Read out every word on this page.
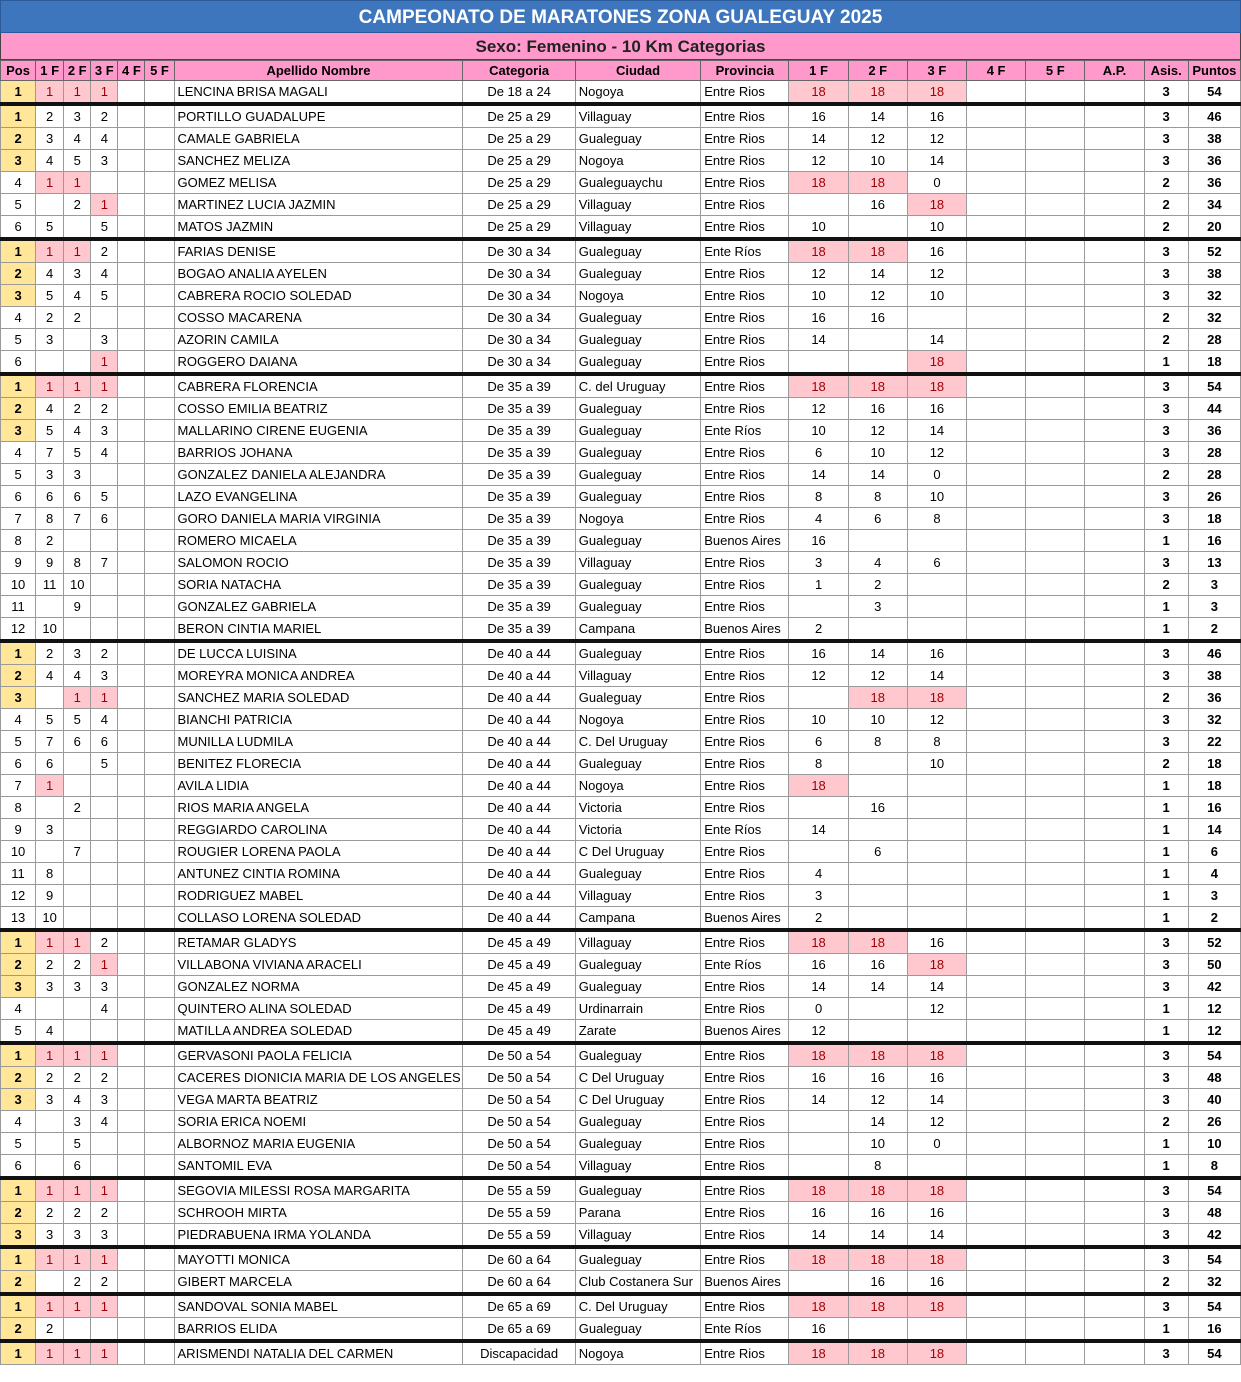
CAMPEONATO DE MARATONES ZONA GUALEGUAY 2025
Sexo: Femenino - 10 Km Categorias
Pos	1 F	2 F	3 F	4 F	5 F	Apellido Nombre	Categoria	Ciudad	Provincia	1 F	2 F	3 F	4 F	5 F	A.P.	Asis.	Puntos
1	1	1	1			LENCINA BRISA MAGALI	De 18 a 24	Nogoya	Entre Rios	18	18	18				3	54
1	2	3	2			PORTILLO GUADALUPE	De 25 a 29	Villaguay	Entre Rios	16	14	16				3	46
2	3	4	4			CAMALE GABRIELA	De 25 a 29	Gualeguay	Entre Rios	14	12	12				3	38
3	4	5	3			SANCHEZ MELIZA	De 25 a 29	Nogoya	Entre Rios	12	10	14				3	36
4	1	1				GOMEZ MELISA	De 25 a 29	Gualeguaychu	Entre Rios	18	18	0				2	36
5		2	1			MARTINEZ LUCIA JAZMIN	De 25 a 29	Villaguay	Entre Rios		16	18				2	34
6	5		5			MATOS JAZMIN	De 25 a 29	Villaguay	Entre Rios	10		10				2	20
1	1	1	2			FARIAS DENISE	De 30 a 34	Gualeguay	Ente Ríos	18	18	16				3	52
2	4	3	4			BOGAO ANALIA AYELEN	De 30 a 34	Gualeguay	Entre Rios	12	14	12				3	38
3	5	4	5			CABRERA ROCIO SOLEDAD	De 30 a 34	Nogoya	Entre Rios	10	12	10				3	32
4	2	2				COSSO MACARENA	De 30 a 34	Gualeguay	Entre Rios	16	16					2	32
5	3		3			AZORIN CAMILA	De 30 a 34	Gualeguay	Entre Rios	14		14				2	28
6			1			ROGGERO DAIANA	De 30 a 34	Gualeguay	Entre Rios			18				1	18
1	1	1	1			CABRERA FLORENCIA	De 35 a 39	C. del Uruguay	Entre Rios	18	18	18				3	54
2	4	2	2			COSSO EMILIA BEATRIZ	De 35 a 39	Gualeguay	Entre Rios	12	16	16				3	44
3	5	4	3			MALLARINO CIRENE EUGENIA	De 35 a 39	Gualeguay	Ente Ríos	10	12	14				3	36
4	7	5	4			BARRIOS JOHANA	De 35 a 39	Gualeguay	Entre Rios	6	10	12				3	28
5	3	3				GONZALEZ DANIELA ALEJANDRA	De 35 a 39	Gualeguay	Entre Rios	14	14	0				2	28
6	6	6	5			LAZO EVANGELINA	De 35 a 39	Gualeguay	Entre Rios	8	8	10				3	26
7	8	7	6			GORO DANIELA MARIA VIRGINIA	De 35 a 39	Nogoya	Entre Rios	4	6	8				3	18
8	2					ROMERO MICAELA	De 35 a 39	Gualeguay	Buenos Aires	16						1	16
9	9	8	7			SALOMON ROCIO	De 35 a 39	Villaguay	Entre Rios	3	4	6				3	13
10	11	10				SORIA NATACHA	De 35 a 39	Gualeguay	Entre Rios	1	2					2	3
11		9				GONZALEZ GABRIELA	De 35 a 39	Gualeguay	Entre Rios		3					1	3
12	10					BERON CINTIA MARIEL	De 35 a 39	Campana	Buenos Aires	2						1	2
1	2	3	2			DE LUCCA LUISINA	De 40 a 44	Gualeguay	Entre Rios	16	14	16				3	46
2	4	4	3			MOREYRA MONICA ANDREA	De 40 a 44	Villaguay	Entre Rios	12	12	14				3	38
3		1	1			SANCHEZ MARIA SOLEDAD	De 40 a 44	Gualeguay	Entre Rios		18	18				2	36
4	5	5	4			BIANCHI PATRICIA	De 40 a 44	Nogoya	Entre Rios	10	10	12				3	32
5	7	6	6			MUNILLA LUDMILA	De 40 a 44	C. Del Uruguay	Entre Rios	6	8	8				3	22
6	6		5			BENITEZ FLORECIA	De 40 a 44	Gualeguay	Entre Rios	8		10				2	18
7	1					AVILA LIDIA	De 40 a 44	Nogoya	Entre Rios	18						1	18
8		2				RIOS MARIA ANGELA	De 40 a 44	Victoria	Entre Rios		16					1	16
9	3					REGGIARDO CAROLINA	De 40 a 44	Victoria	Ente Ríos	14						1	14
10		7				ROUGIER LORENA PAOLA	De 40 a 44	C Del Uruguay	Entre Rios		6					1	6
11	8					ANTUNEZ CINTIA ROMINA	De 40 a 44	Gualeguay	Entre Rios	4						1	4
12	9					RODRIGUEZ MABEL	De 40 a 44	Villaguay	Entre Rios	3						1	3
13	10					COLLASO LORENA SOLEDAD	De 40 a 44	Campana	Buenos Aires	2						1	2
1	1	1	2			RETAMAR GLADYS	De 45 a 49	Villaguay	Entre Rios	18	18	16				3	52
2	2	2	1			VILLABONA VIVIANA ARACELI	De 45 a 49	Gualeguay	Ente Ríos	16	16	18				3	50
3	3	3	3			GONZALEZ NORMA	De 45 a 49	Gualeguay	Entre Rios	14	14	14				3	42
4			4			QUINTERO ALINA SOLEDAD	De 45 a 49	Urdinarrain	Entre Rios	0		12				1	12
5	4					MATILLA ANDREA SOLEDAD	De 45 a 49	Zarate	Buenos Aires	12						1	12
1	1	1	1			GERVASONI PAOLA FELICIA	De 50 a 54	Gualeguay	Entre Rios	18	18	18				3	54
2	2	2	2			CACERES DIONICIA MARIA DE LOS ANGELES	De 50 a 54	C Del Uruguay	Entre Rios	16	16	16				3	48
3	3	4	3			VEGA MARTA BEATRIZ	De 50 a 54	C Del Uruguay	Entre Rios	14	12	14				3	40
4		3	4			SORIA ERICA NOEMI	De 50 a 54	Gualeguay	Entre Rios		14	12				2	26
5		5				ALBORNOZ MARIA EUGENIA	De 50 a 54	Gualeguay	Entre Rios		10	0				1	10
6		6				SANTOMIL EVA	De 50 a 54	Villaguay	Entre Rios		8					1	8
1	1	1	1			SEGOVIA MILESSI ROSA MARGARITA	De 55 a 59	Gualeguay	Entre Rios	18	18	18				3	54
2	2	2	2			SCHROOH MIRTA	De 55 a 59	Parana	Entre Rios	16	16	16				3	48
3	3	3	3			PIEDRABUENA IRMA YOLANDA	De 55 a 59	Villaguay	Entre Rios	14	14	14				3	42
1	1	1	1			MAYOTTI MONICA	De 60 a 64	Gualeguay	Entre Rios	18	18	18				3	54
2		2	2			GIBERT MARCELA	De 60 a 64	Club Costanera Sur	Buenos Aires		16	16				2	32
1	1	1	1			SANDOVAL SONIA MABEL	De 65 a 69	C. Del Uruguay	Entre Rios	18	18	18				3	54
2	2					BARRIOS ELIDA	De 65 a 69	Gualeguay	Ente Ríos	16						1	16
1	1	1	1			ARISMENDI NATALIA DEL CARMEN	Discapacidad	Nogoya	Entre Rios	18	18	18				3	54
